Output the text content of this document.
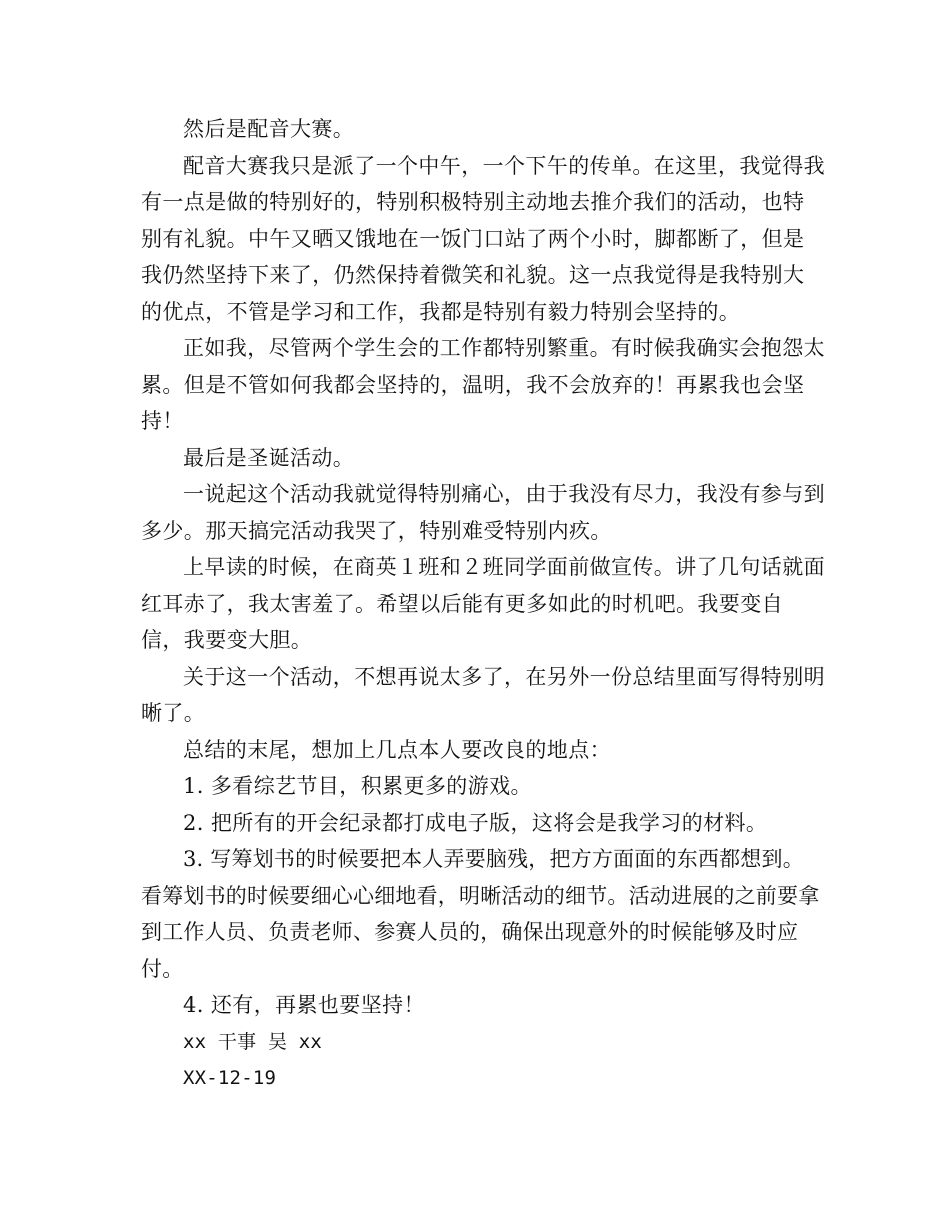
然后是配音大赛。

配音大赛我只是派了一个中午，一个下午的传单。在这里，我觉得我有一点是做的特别好的，特别积极特别主动地去推介我们的活动，也特别有礼貌。中午又晒又饿地在一饭门口站了两个小时，脚都断了，但是我仍然坚持下来了，仍然保持着微笑和礼貌。这一点我觉得是我特别大的优点，不管是学习和工作，我都是特别有毅力特别会坚持的。

正如我，尽管两个学生会的工作都特别繁重。有时候我确实会抱怨太累。但是不管如何我都会坚持的，温明，我不会放弃的！再累我也会坚持！

最后是圣诞活动。

一说起这个活动我就觉得特别痛心，由于我没有尽力，我没有参与到多少。那天搞完活动我哭了，特别难受特别内疚。

上早读的时候，在商英１班和２班同学面前做宣传。讲了几句话就面红耳赤了，我太害羞了。希望以后能有更多如此的时机吧。我要变自信，我要变大胆。

关于这一个活动，不想再说太多了，在另外一份总结里面写得特别明晰了。

总结的末尾，想加上几点本人要改良的地点：

1. 多看综艺节目，积累更多的游戏。

2. 把所有的开会纪录都打成电子版，这将会是我学习的材料。

3. 写筹划书的时候要把本人弄要脑残，把方方面面的东西都想到。看筹划书的时候要细心心细地看，明晰活动的细节。活动进展的之前要拿到工作人员、负责老师、参赛人员的，确保出现意外的时候能够及时应付。

4. 还有，再累也要坚持！

xx 干事 吴 xx

XX-12-19
